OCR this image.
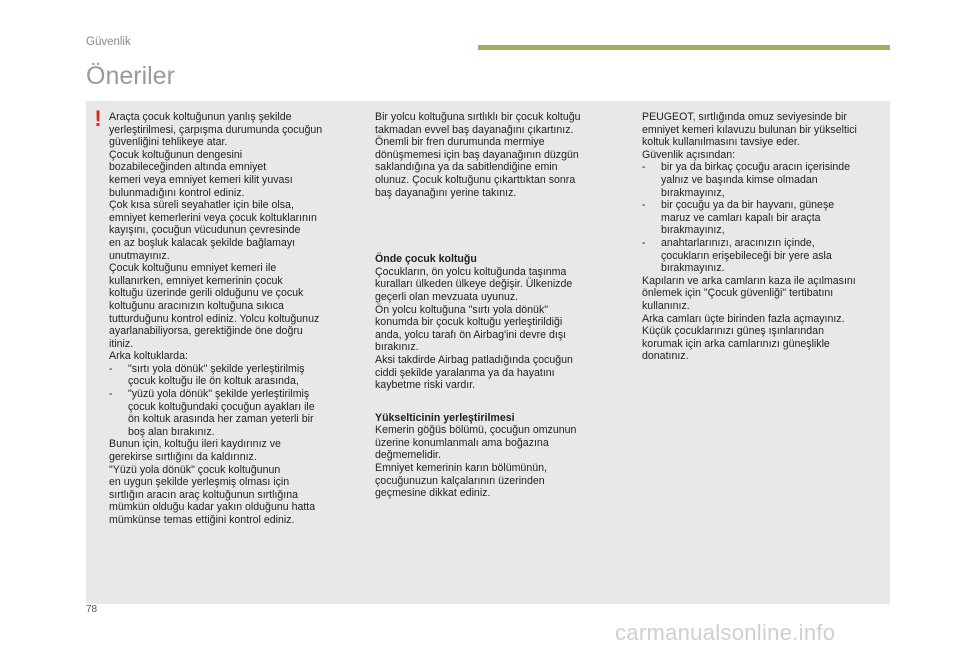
Güvenlik
Öneriler
! Araçta çocuk koltuğunun yanlış şekilde
yerleştirilmesi, çarpışma durumunda çocuğun
güvenliğini tehlikeye atar.
Çocuk koltuğunun dengesini
bozabileceğinden altında emniyet
kemeri veya emniyet kemeri kilit yuvası
bulunmadığını kontrol ediniz.
Çok kısa süreli seyahatler için bile olsa,
emniyet kemerlerini veya çocuk koltuklarının
kayışını, çocuğun vücudunun çevresinde
en az boşluk kalacak şekilde bağlamayı
unutmayınız.
Çocuk koltuğunu emniyet kemeri ile
kullanırken, emniyet kemerinin çocuk
koltuğu üzerinde gerili olduğunu ve çocuk
koltuğunu aracınızın koltuğuna sıkıca
tutturduğunu kontrol ediniz. Yolcu koltuğunuz
ayarlanabiliyorsa, gerektiğinde öne doğru
itiniz.
Arka koltuklarda:
- "sırtı yola dönük" şekilde yerleştirilmiş
çocuk koltuğu ile ön koltuk arasında,
- "yüzü yola dönük" şekilde yerleştirilmiş
çocuk koltuğundaki çocuğun ayakları ile
ön koltuk arasında her zaman yeterli bir
boş alan bırakınız.
Bunun için, koltuğu ileri kaydırınız ve
gerekirse sırtlığını da kaldırınız.
"Yüzü yola dönük" çocuk koltuğunun
en uygun şekilde yerleşmiş olması için
sırtlığın aracın araç koltuğunun sırtlığına
mümkün olduğu kadar yakın olduğunu hatta
mümkünse temas ettiğini kontrol ediniz.
Bir yolcu koltuğuna sırtlıklı bir çocuk koltuğu
takmadan evvel baş dayanağını çıkartınız.
Önemli bir fren durumunda mermiye
dönüşmemesi için baş dayanağının düzgün
saklandığına ya da sabitlendiğine emin
olunuz. Çocuk koltuğunu çıkarttıktan sonra
baş dayanağını yerine takınız.
Önde çocuk koltuğu
Çocukların, ön yolcu koltuğunda taşınma
kuralları ülkeden ülkeye değişir. Ülkenizde
geçerli olan mevzuata uyunuz.
Ön yolcu koltuğuna "sırtı yola dönük"
konumda bir çocuk koltuğu yerleştirildiği
anda, yolcu tarafı ön Airbag'ini devre dışı
bırakınız.
Aksi takdirde Airbag patladığında çocuğun
ciddi şekilde yaralanma ya da hayatını
kaybetme riski vardır.
Yükselticinin yerleştirilmesi
Kemerin göğüs bölümü, çocuğun omzunun
üzerine konumlanmalı ama boğazına
değmemelidir.
Emniyet kemerinin karın bölümünün,
çocuğunuzun kalçalarının üzerinden
geçmesine dikkat ediniz.
PEUGEOT, sırtlığında omuz seviyesinde bir
emniyet kemeri kılavuzu bulunan bir yükseltici
koltuk kullanılmasını tavsiye eder.
Güvenlik açısından:
- bir ya da birkaç çocuğu aracın içerisinde
yalnız ve başında kimse olmadan
bırakmayınız,
- bir çocuğu ya da bir hayvanı, güneşe
maruz ve camları kapalı bir araçta
bırakmayınız,
- anahtarlarınızı, aracınızın içinde,
çocukların erişebileceği bir yere asla
bırakmayınız.
Kapıların ve arka camların kaza ile açılmasını
önlemek için "Çocuk güvenliği" tertibatını
kullanınız.
Arka camları üçte birinden fazla açmayınız.
Küçük çocuklarınızı güneş ışınlarından
korumak için arka camlarınızı güneşlikle
donatınız.
78
carmanualsonline.info
